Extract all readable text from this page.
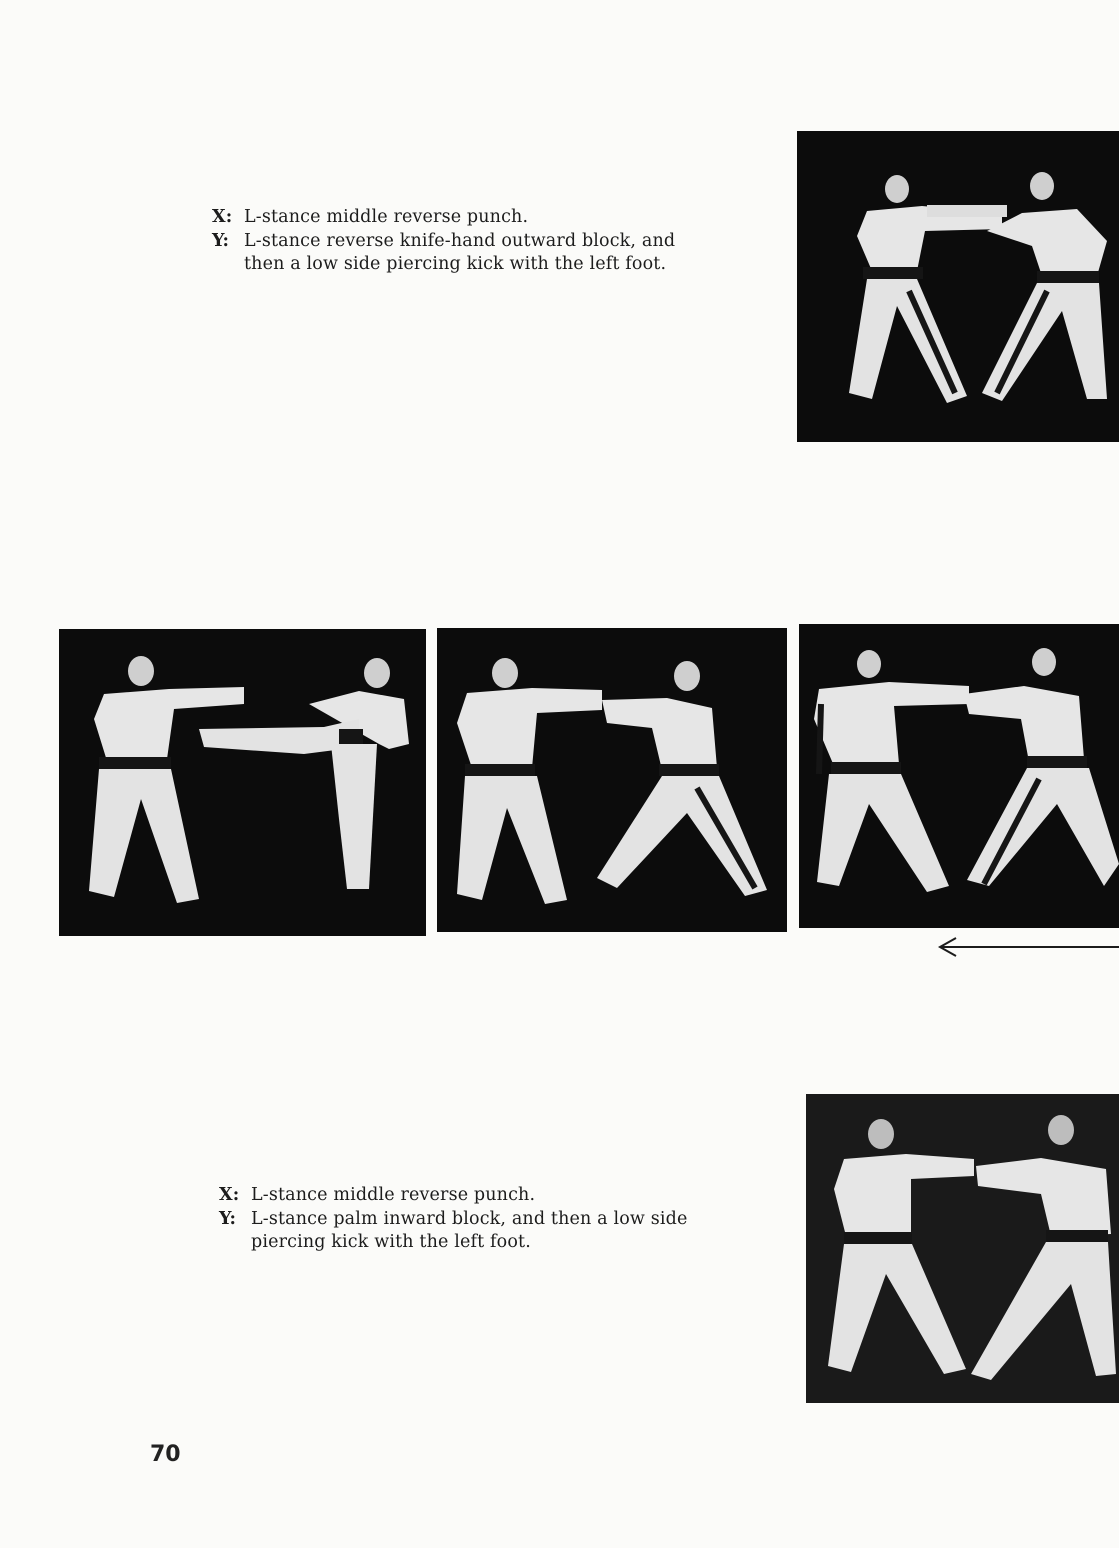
X: L-stance middle reverse punch.
Y: L-stance reverse knife-hand outward block, and
then a low side piercing kick with the left foot.
X: L-stance middle reverse punch.
Y: L-stance palm inward block, and then a low side
piercing kick with the left foot.
70
